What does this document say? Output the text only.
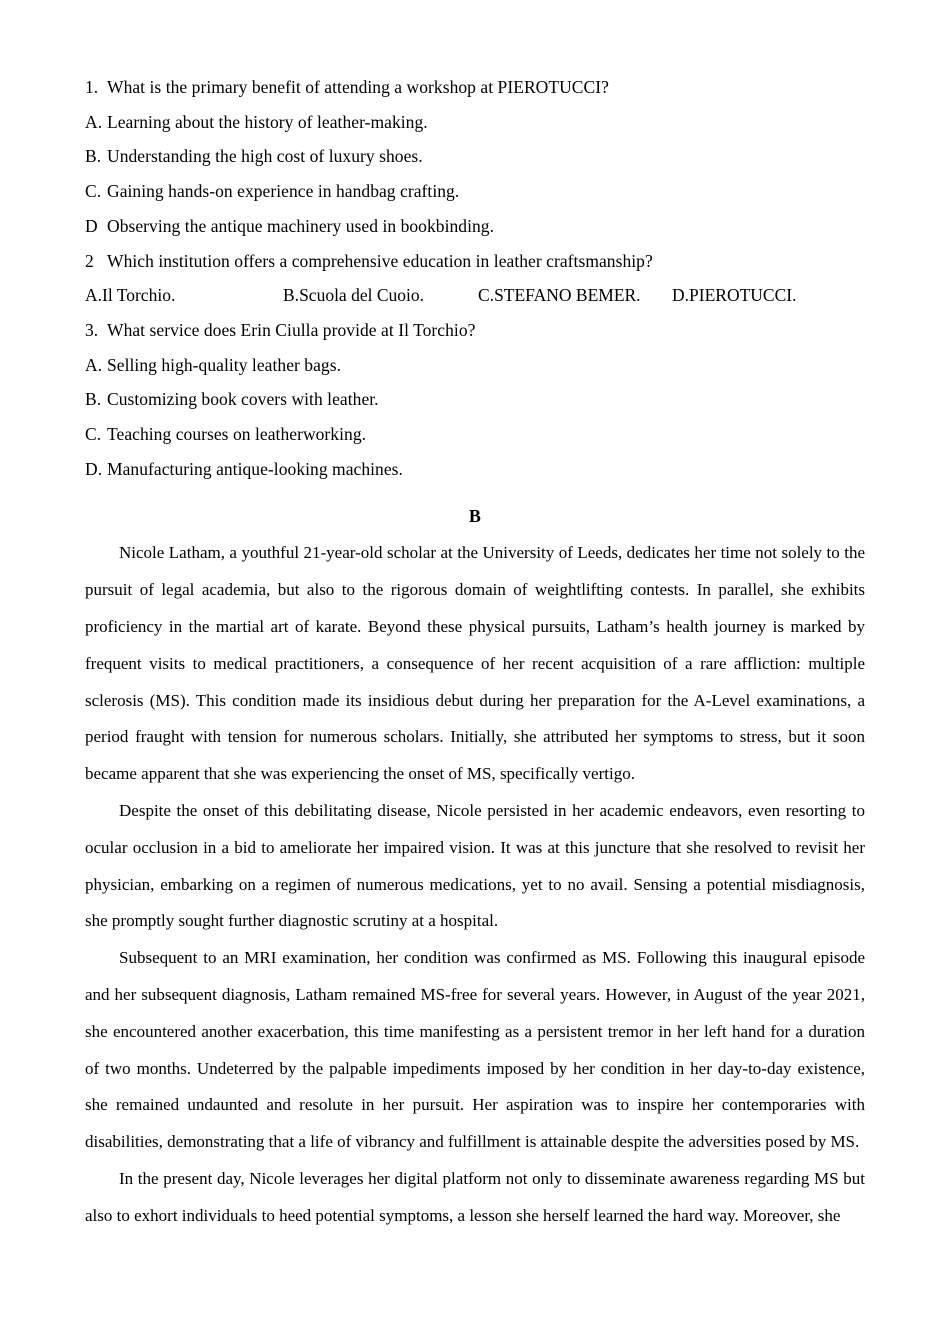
1. What is the primary benefit of attending a workshop at PIEROTUCCI?
A. Learning about the history of leather-making.
B. Understanding the high cost of luxury shoes.
C. Gaining hands-on experience in handbag crafting.
D Observing the antique machinery used in bookbinding.
2 Which institution offers a comprehensive education in leather craftsmanship?
A.Il Torchio.	B.Scuola del Cuoio.	C.STEFANO BEMER. D.PIEROTUCCI.
3. What service does Erin Ciulla provide at Il Torchio?
A. Selling high-quality leather bags.
B. Customizing book covers with leather.
C. Teaching courses on leatherworking.
D. Manufacturing antique-looking machines.
B

Nicole Latham, a youthful 21-year-old scholar at the University of Leeds, dedicates her time not solely to the pursuit of legal academia, but also to the rigorous domain of weightlifting contests. In parallel, she exhibits proficiency in the martial art of karate. Beyond these physical pursuits, Latham’s health journey is marked by frequent visits to medical practitioners, a consequence of her recent acquisition of a rare affliction: multiple sclerosis (MS). This condition made its insidious debut during her preparation for the A-Level examinations, a period fraught with tension for numerous scholars. Initially, she attributed her symptoms to stress, but it soon became apparent that she was experiencing the onset of MS, specifically vertigo.

Despite the onset of this debilitating disease, Nicole persisted in her academic endeavors, even resorting to ocular occlusion in a bid to ameliorate her impaired vision. It was at this juncture that she resolved to revisit her physician, embarking on a regimen of numerous medications, yet to no avail. Sensing a potential misdiagnosis, she promptly sought further diagnostic scrutiny at a hospital.

Subsequent to an MRI examination, her condition was confirmed as MS. Following this inaugural episode and her subsequent diagnosis, Latham remained MS-free for several years. However, in August of the year 2021, she encountered another exacerbation, this time manifesting as a persistent tremor in her left hand for a duration of two months. Undeterred by the palpable impediments imposed by her condition in her day-to-day existence, she remained undaunted and resolute in her pursuit. Her aspiration was to inspire her contemporaries with disabilities, demonstrating that a life of vibrancy and fulfillment is attainable despite the adversities posed by MS.

In the present day, Nicole leverages her digital platform not only to disseminate awareness regarding MS but also to exhort individuals to heed potential symptoms, a lesson she herself learned the hard way. Moreover, she
